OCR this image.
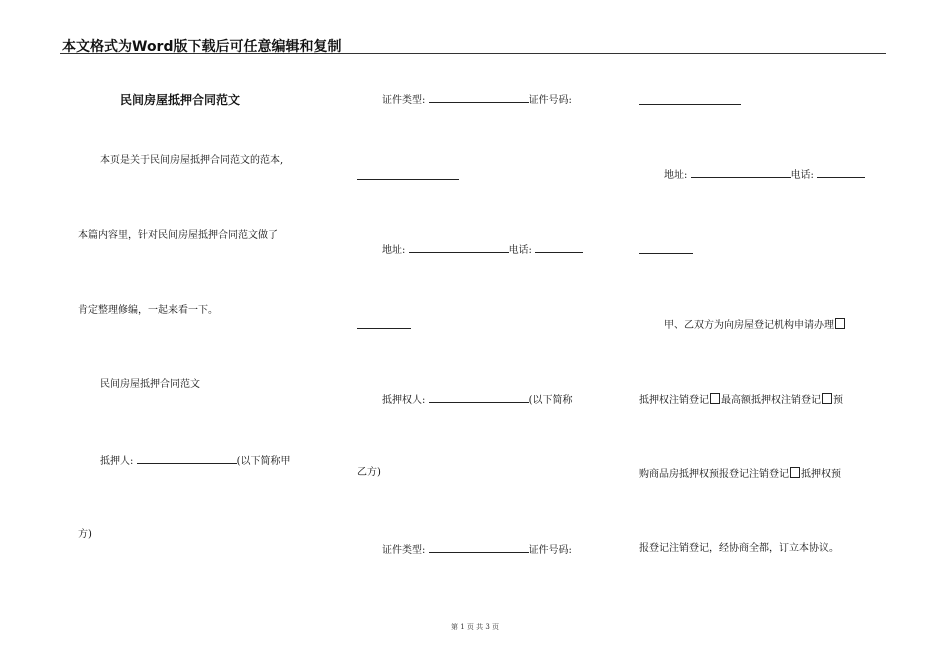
本文格式为Word版下载后可任意编辑和复制
民间房屋抵押合同范文
本页是关于民间房屋抵押合同范文的范本,
本篇内容里，针对民间房屋抵押合同范文做了
肯定整理修编，一起来看一下。
民间房屋抵押合同范文
抵押人:	(以下简称甲
方)
证件类型:	证件号码:
地址:	电话:
抵押权人:	(以下简称
乙方)
证件类型:	证件号码:
地址:	电话:
甲、乙双方为向房屋登记机构申请办理
抵押权注销登记 最高额抵押权注销登记 预
购商品房抵押权预报登记注销登记 抵押权预
报登记注销登记，经协商全都，订立本协议。
第 1 页 共 3 页
